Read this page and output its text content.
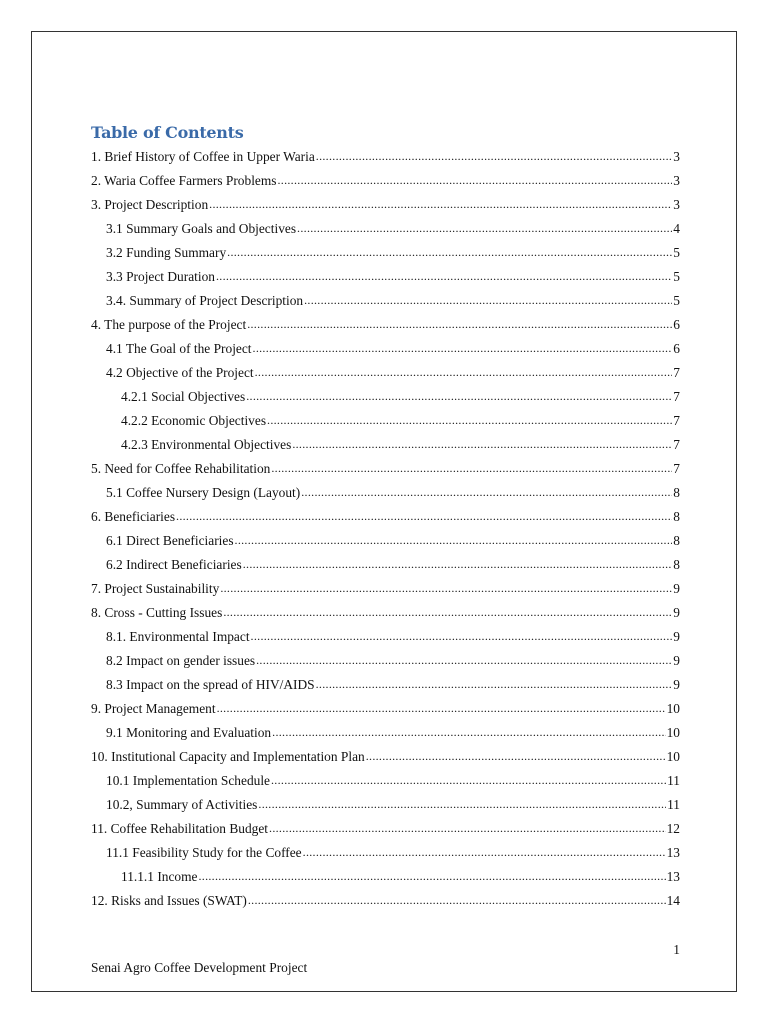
Table of Contents
1. Brief History of Coffee in Upper Waria .....	3
2. Waria Coffee Farmers Problems .....	3
3. Project Description .....	3
3.1 Summary Goals and Objectives .....	4
3.2 Funding Summary .....	5
3.3 Project Duration .....	5
3.4. Summary of Project Description .....	5
4. The purpose of the Project .....	6
4.1 The Goal of the Project .....	6
4.2 Objective of the Project .....	7
4.2.1 Social Objectives .....	7
4.2.2 Economic Objectives .....	7
4.2.3 Environmental Objectives .....	7
5. Need for Coffee Rehabilitation .....	7
5.1 Coffee Nursery Design (Layout) .....	8
6. Beneficiaries .....	8
6.1 Direct Beneficiaries .....	8
6.2 Indirect Beneficiaries .....	8
7. Project Sustainability .....	9
8. Cross - Cutting Issues .....	9
8.1. Environmental Impact .....	9
8.2 Impact on gender issues .....	9
8.3 Impact on the spread of HIV/AIDS .....	9
9. Project Management .....	10
9.1 Monitoring and Evaluation .....	10
10. Institutional Capacity and Implementation Plan .....	10
10.1 Implementation Schedule .....	11
10.2, Summary of Activities .....	11
11. Coffee Rehabilitation Budget .....	12
11.1 Feasibility Study for the Coffee .....	13
11.1.1 Income .....	13
12. Risks and Issues (SWAT) .....	14
1
Senai Agro Coffee Development Project
